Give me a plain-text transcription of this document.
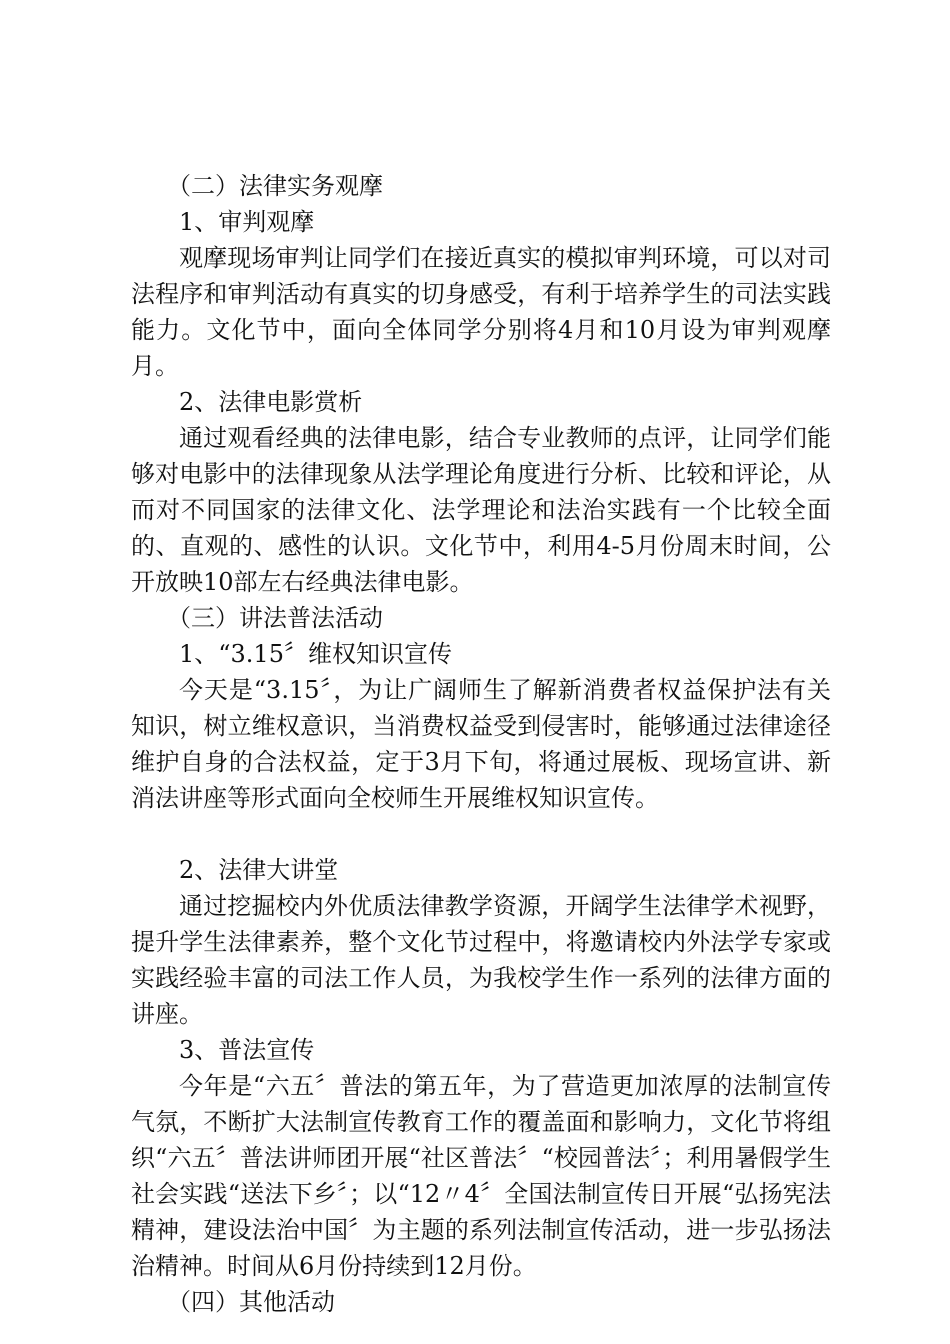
（二）法律实务观摩

1、审判观摩

观摩现场审判让同学们在接近真实的模拟审判环境，可以对司法程序和审判活动有真实的切身感受，有利于培养学生的司法实践能力。文化节中，面向全体同学分别将4月和10月设为审判观摩月。

2、法律电影赏析

通过观看经典的法律电影，结合专业教师的点评，让同学们能够对电影中的法律现象从法学理论角度进行分析、比较和评论，从而对不同国家的法律文化、法学理论和法治实践有一个比较全面的、直观的、感性的认识。文化节中，利用4-5月份周末时间，公开放映10部左右经典法律电影。

（三）讲法普法活动

1、“3.15〞维权知识宣传

今天是“3.15〞，为让广阔师生了解新消费者权益保护法有关知识，树立维权意识，当消费权益受到侵害时，能够通过法律途径维护自身的合法权益，定于3月下旬，将通过展板、现场宣讲、新消法讲座等形式面向全校师生开展维权知识宣传。

2、法律大讲堂

通过挖掘校内外优质法律教学资源，开阔学生法律学术视野，提升学生法律素养，整个文化节过程中，将邀请校内外法学专家或实践经验丰富的司法工作人员，为我校学生作一系列的法律方面的讲座。

3、普法宣传

今年是“六五〞普法的第五年，为了营造更加浓厚的法制宣传气氛，不断扩大法制宣传教育工作的覆盖面和影响力，文化节将组织“六五〞普法讲师团开展“社区普法〞“校园普法〞；利用暑假学生社会实践“送法下乡〞；以“12〃4〞全国法制宣传日开展“弘扬宪法精神，建设法治中国〞为主题的系列法制宣传活动，进一步弘扬法治精神。时间从6月份持续到12月份。

（四）其他活动
